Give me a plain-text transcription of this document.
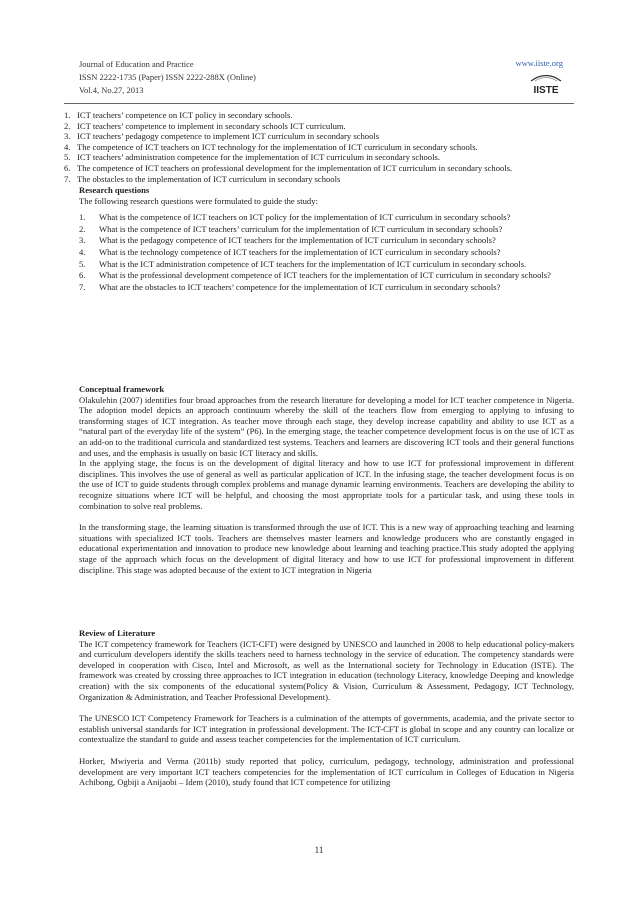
Journal of Education and Practice
ISSN 2222-1735 (Paper) ISSN 2222-288X (Online)
Vol.4, No.27, 2013
www.iiste.org
IISTE
1. ICT teachers’ competence on ICT policy in secondary schools.
2. ICT teachers’ competence to implement in secondary schools ICT curriculum.
3. ICT teachers’ pedagogy competence to implement ICT curriculum in secondary schools
4. The competence of ICT teachers on ICT technology for the implementation of ICT curriculum in secondary schools.
5. ICT teachers’ administration competence for the implementation of ICT curriculum in secondary schools.
6. The competence of ICT teachers on professional development for the implementation of ICT curriculum in secondary schools.
7. The obstacles to the implementation of ICT curriculum in secondary schools
Research questions
The following research questions were formulated to guide the study:
1.	What is the competence of ICT teachers on ICT policy for the implementation of ICT curriculum in secondary schools?
2.	What is the competence of ICT teachers’ curriculum for the implementation of ICT curriculum in secondary schools?
3.	What is the pedagogy competence of ICT teachers for the implementation of ICT curriculum in secondary schools?
4.	What is the technology competence of ICT teachers for the implementation of ICT curriculum in secondary schools?
5.	What is the ICT administration competence of ICT teachers for the implementation of ICT curriculum in secondary schools.
6.	What is the professional development competence of ICT teachers for the implementation of ICT curriculum in secondary schools?
7.	What are the obstacles to ICT teachers’ competence for the implementation of ICT curriculum in secondary schools?
Conceptual framework

Olakulehin (2007) identifies four broad approaches from the research literature for developing a model for ICT teacher competence in Nigeria. The adoption model depicts an approach continuum whereby the skill of the teachers flow from emerging to applying to infusing to transforming stages of ICT integration. As teacher move through each stage, they develop increase capability and ability to use ICT as a “natural part of the everyday life of the system” (P6). In the emerging stage, the teacher competence development focus is on the use of ICT as an add-on to the traditional curricula and standardized test systems. Teachers and learners are discovering ICT tools and their general functions and uses, and the emphasis is usually on basic ICT literacy and skills.

In the applying stage, the focus is on the development of digital literacy and how to use ICT for professional improvement in different disciplines. This involves the use of general as well as particular application of ICT. In the infusing stage, the teacher development focus is on the use of ICT to guide students through complex problems and manage dynamic learning environments. Teachers are developing the ability to recognize situations where ICT will be helpful, and choosing the most appropriate tools for a particular task, and using these tools in combination to solve real problems.

In the transforming stage, the learning situation is transformed through the use of ICT. This is a new way of approaching teaching and learning situations with specialized ICT tools. Teachers are themselves master learners and knowledge producers who are constantly engaged in educational experimentation and innovation to produce new knowledge about learning and teaching practice.This study adopted the applying stage of the approach which focus on the development of digital literacy and how to use ICT for professional improvement in different discipline. This stage was adopted because of the extent to ICT integration in Nigeria

Review of Literature

The ICT competency framework for Teachers (ICT-CFT) were designed by UNESCO and launched in 2008 to help educational policy-makers and curriculum developers identify the skills teachers need to harness technology in the service of education. The competency standards were developed in cooperation with Cisco, Intel and Microsoft, as well as the International society for Technology in Education (ISTE). The framework was created by crossing three approaches to ICT integration in education (technology Literacy, knowledge Deeping and knowledge creation) with the six components of the educational system(Policy & Vision, Curriculum & Assessment, Pedagogy, ICT Technology, Organization & Administration, and Teacher Professional Development).

The UNESCO ICT Competency Framework for Teachers is a culmination of the attempts of governments, academia, and the private sector to establish universal standards for ICT integration in professional development. The ICT-CFT is global in scope and any country can localize or contextualize the standard to guide and assess teacher competencies for the implementation of ICT curriculum.

Horker, Mwiyeria and Verma (2011b) study reported that policy, curriculum, pedagogy, technology, administration and professional development are very important ICT teachers competencies for the implementation of ICT curriculum in Colleges of Education in Nigeria Achibong, Ogbiji a Anijaobi – Idem (2010), study found that ICT competence for utilizing

11
